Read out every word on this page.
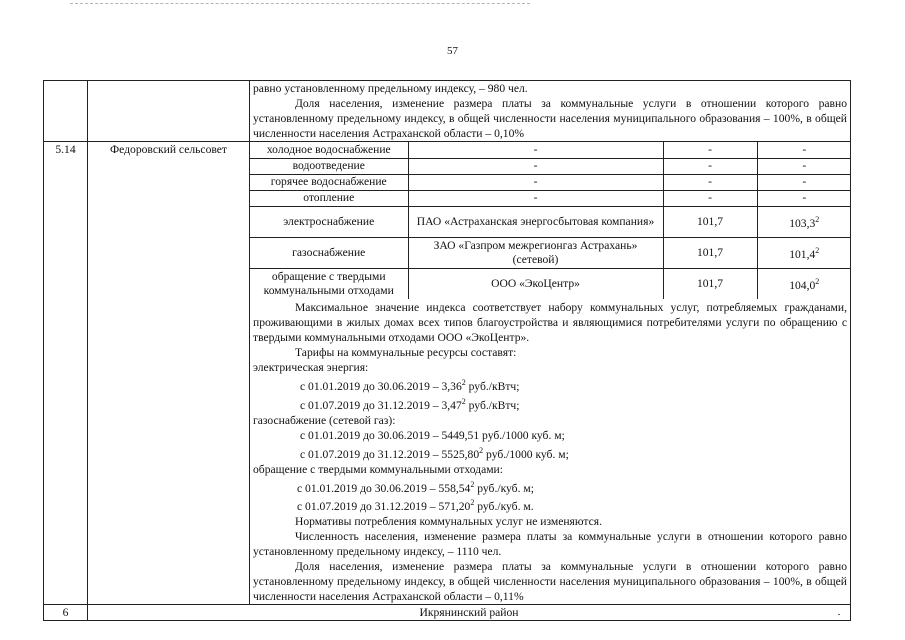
57

равно установленному предельному индексу, – 980 чел.

Доля населения, изменение размера платы за коммунальные услуги в отношении которого равно установленному предельному индексу, в общей численности населения муниципального образования – 100%, в общей численности населения Астраханской области – 0,10%

5.14	Федоровский сельсовет		холодное водоснабжение	-	-	-
водоотведение	-	-	-
горячее водоснабжение	-	-	-
отопление	-	-	-
электроснабжение	ПАО «Астраханская энергосбытовая компания»	101,7	103,3$^2$
газоснабжение	ЗАО «Газпром межрегионгаз Астрахань» (сетевой)	101,7	101,4$^2$
обращение с твердыми коммунальными отходами	ООО «ЭкоЦентр»	101,7	104,0$^2$

Максимальное значение индекса соответствует набору коммунальных услуг, потребляемых гражданами, проживающими в жилых домах всех типов благоустройства и являющимися потребителями услуги по обращению с твердыми коммунальными отходами ООО «ЭкоЦентр».

Тарифы на коммунальные ресурсы составят:

электрическая энергия:

с 01.01.2019 до 30.06.2019 – 3,36$^2$ руб./кВтч;

с 01.07.2019 до 31.12.2019 – 3,47$^2$ руб./кВтч;

газоснабжение (сетевой газ):

с 01.01.2019 до 30.06.2019 – 5449,51 руб./1000 куб. м;

с 01.07.2019 до 31.12.2019 – 5525,80$^2$ руб./1000 куб. м;

обращение с твердыми коммунальными отходами:

с 01.01.2019 до 30.06.2019 – 558,54$^2$ руб./куб. м;

с 01.07.2019 до 31.12.2019 – 571,20$^2$ руб./куб. м.

Нормативы потребления коммунальных услуг не изменяются.

Численность населения, изменение размера платы за коммунальные услуги в отношении которого равно установленному предельному индексу, – 1110 чел.

Доля населения, изменение размера платы за коммунальные услуги в отношении которого равно установленному предельному индексу, в общей численности населения муниципального образования – 100%, в общей численности населения Астраханской области – 0,11%

6	Икрянинский район
